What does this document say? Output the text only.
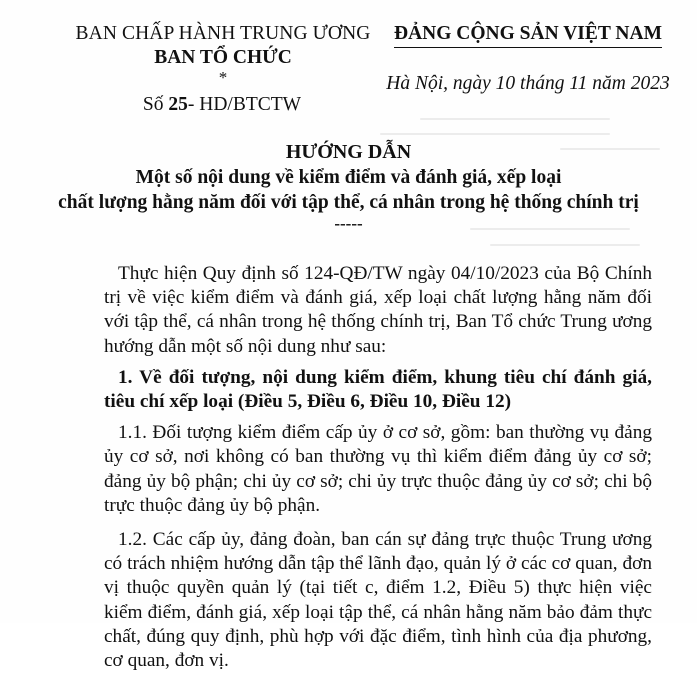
BAN CHẤP HÀNH TRUNG ƯƠNG
BAN TỔ CHỨC
*
Số 25- HD/BTCTW
ĐẢNG CỘNG SẢN VIỆT NAM
Hà Nội, ngày 10 tháng 11 năm 2023
HƯỚNG DẪN
Một số nội dung về kiểm điểm và đánh giá, xếp loại
chất lượng hằng năm đối với tập thể, cá nhân trong hệ thống chính trị
-----

Thực hiện Quy định số 124-QĐ/TW ngày 04/10/2023 của Bộ Chính trị về việc kiểm điểm và đánh giá, xếp loại chất lượng hằng năm đối với tập thể, cá nhân trong hệ thống chính trị, Ban Tổ chức Trung ương hướng dẫn một số nội dung như sau:

1. Về đối tượng, nội dung kiểm điểm, khung tiêu chí đánh giá, tiêu chí xếp loại (Điều 5, Điều 6, Điều 10, Điều 12)

1.1. Đối tượng kiểm điểm cấp ủy ở cơ sở, gồm: ban thường vụ đảng ủy cơ sở, nơi không có ban thường vụ thì kiểm điểm đảng ủy cơ sở; đảng ủy bộ phận; chi ủy cơ sở; chi ủy trực thuộc đảng ủy cơ sở; chi bộ trực thuộc đảng ủy bộ phận.

1.2. Các cấp ủy, đảng đoàn, ban cán sự đảng trực thuộc Trung ương có trách nhiệm hướng dẫn tập thể lãnh đạo, quản lý ở các cơ quan, đơn vị thuộc quyền quản lý (tại tiết c, điểm 1.2, Điều 5) thực hiện việc kiểm điểm, đánh giá, xếp loại tập thể, cá nhân hằng năm bảo đảm thực chất, đúng quy định, phù hợp với đặc điểm, tình hình của địa phương, cơ quan, đơn vị.
